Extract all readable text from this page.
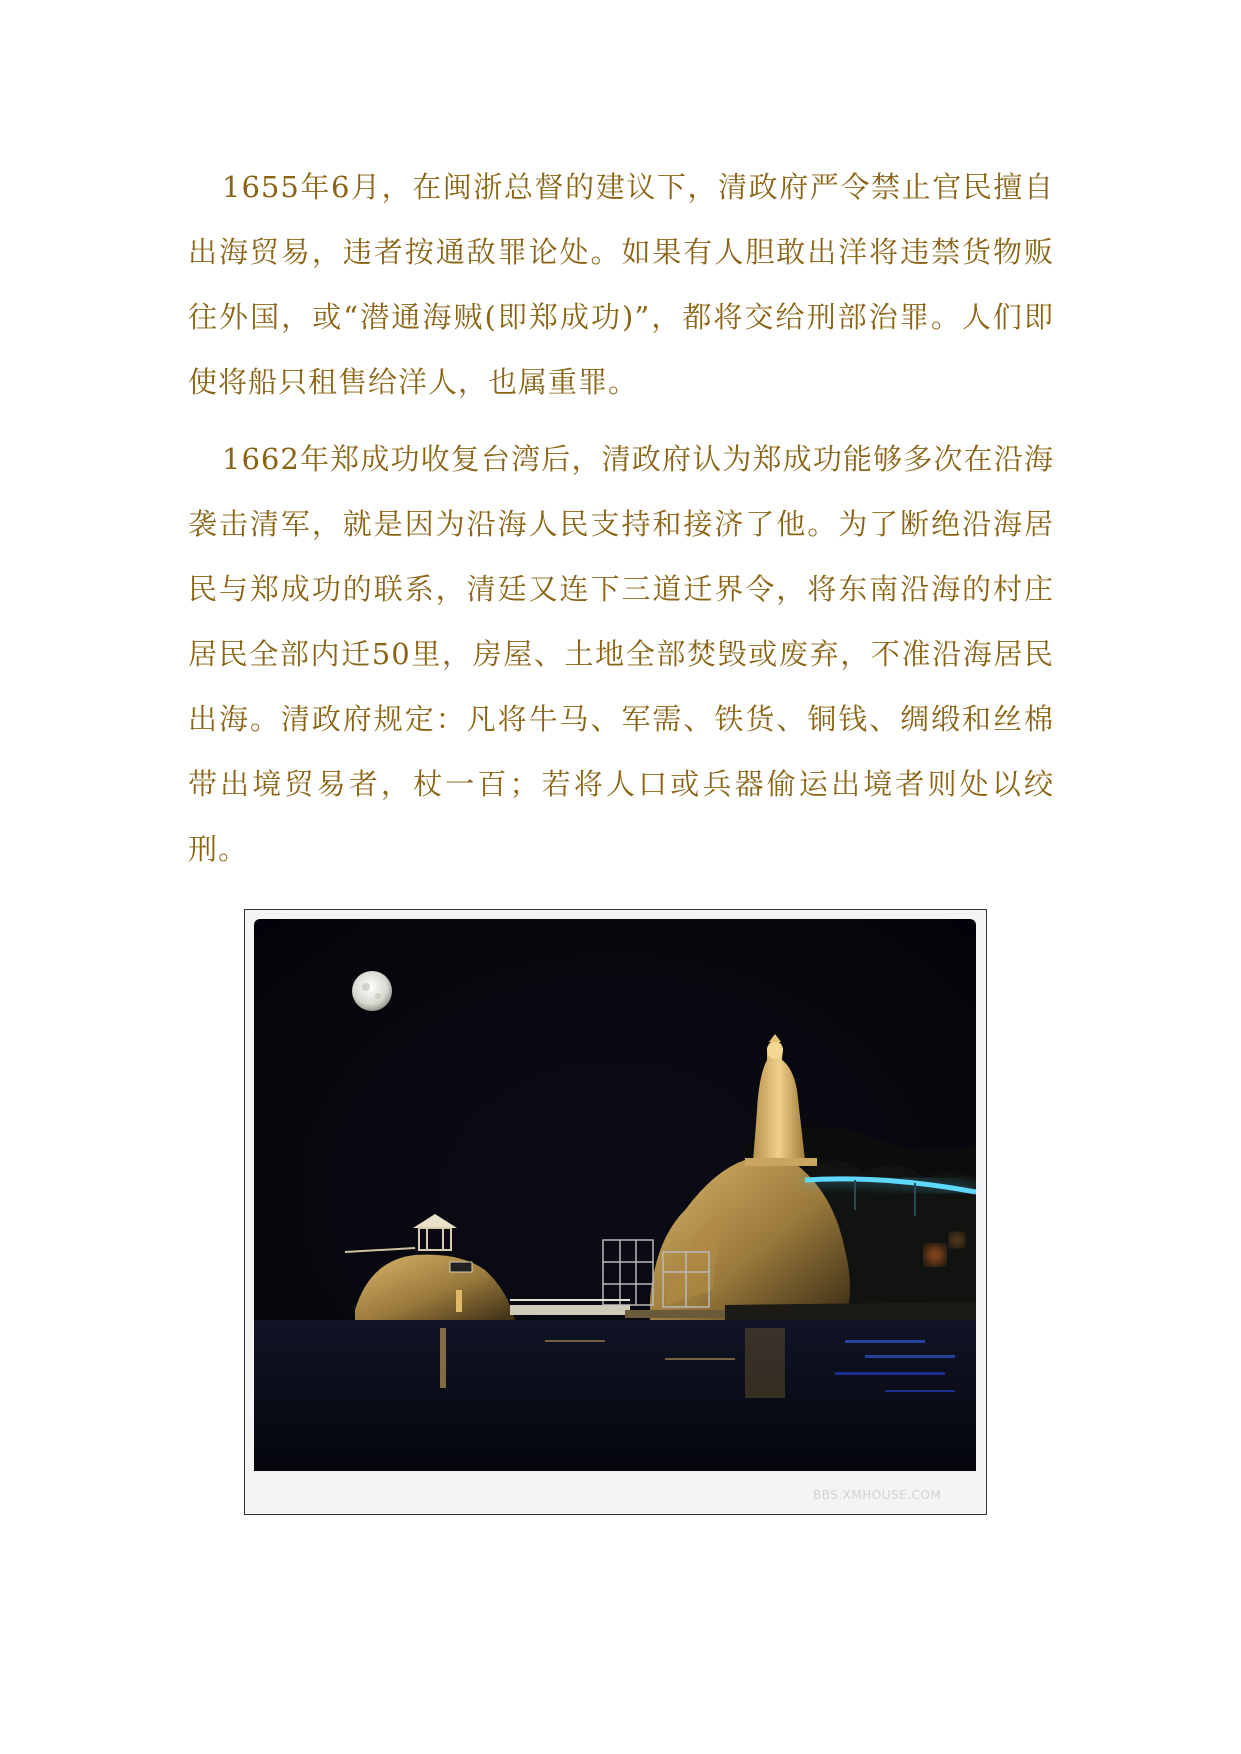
1655年6月，在闽浙总督的建议下，清政府严令禁止官民擅自出海贸易，违者按通敌罪论处。如果有人胆敢出洋将违禁货物贩往外国，或“潜通海贼(即郑成功)”，都将交给刑部治罪。人们即使将船只租售给洋人，也属重罪。

1662年郑成功收复台湾后，清政府认为郑成功能够多次在沿海袭击清军，就是因为沿海人民支持和接济了他。为了断绝沿海居民与郑成功的联系，清廷又连下三道迁界令，将东南沿海的村庄居民全部内迁50里，房屋、土地全部焚毁或废弃，不准沿海居民出海。清政府规定：凡将牛马、军需、铁货、铜钱、绸缎和丝棉带出境贸易者，杖一百；若将人口或兵器偷运出境者则处以绞刑。

BBS.XMHOUSE.COM
